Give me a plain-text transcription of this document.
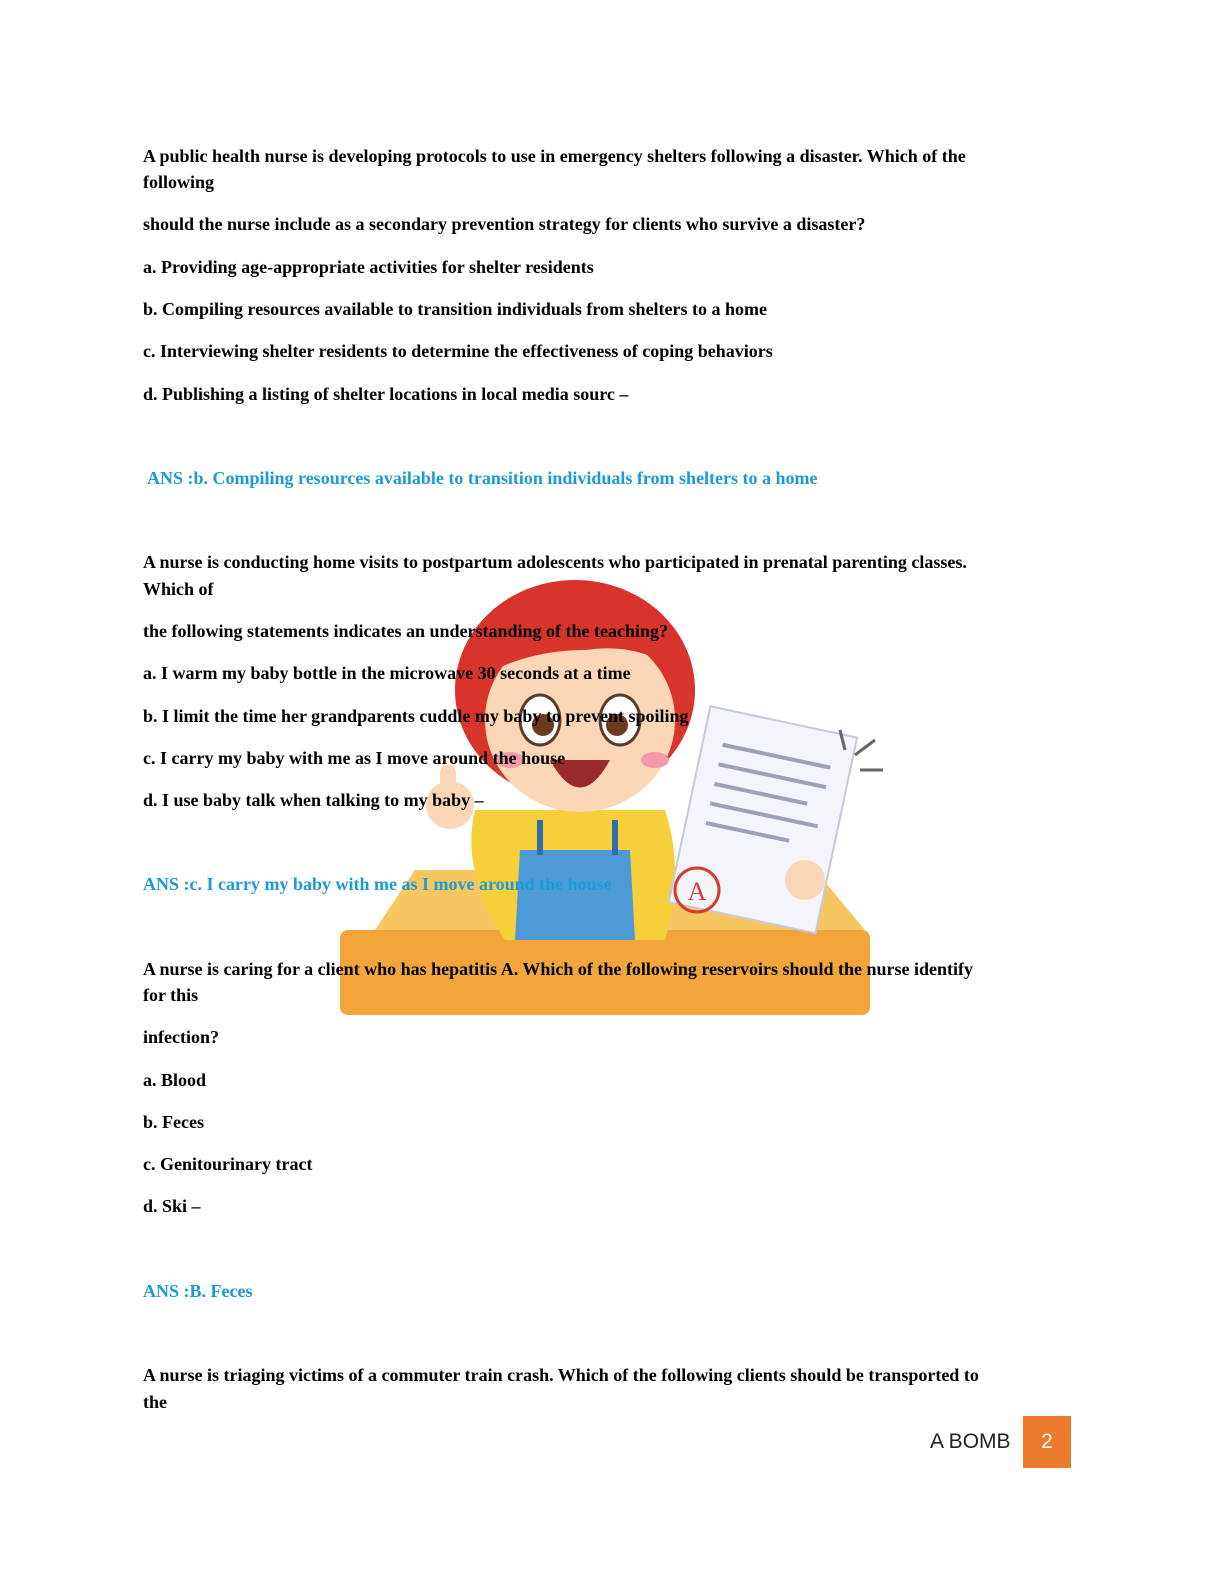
A
A public health nurse is developing protocols to use in emergency shelters following a disaster. Which of the
following
should the nurse include as a secondary prevention strategy for clients who survive a disaster?
a. Providing age-appropriate activities for shelter residents
b. Compiling resources available to transition individuals from shelters to a home
c. Interviewing shelter residents to determine the effectiveness of coping behaviors
d. Publishing a listing of shelter locations in local media sourc –
ANS :b. Compiling resources available to transition individuals from shelters to a home
A nurse is conducting home visits to postpartum adolescents who participated in prenatal parenting classes.
Which of
the following statements indicates an understanding of the teaching?
a. I warm my baby bottle in the microwave 30 seconds at a time
b. I limit the time her grandparents cuddle my baby to prevent spoiling
c. I carry my baby with me as I move around the house
d. I use baby talk when talking to my baby –
ANS :c. I carry my baby with me as I move around the house
A nurse is caring for a client who has hepatitis A. Which of the following reservoirs should the nurse identify
for this
infection?
a. Blood
b. Feces
c. Genitourinary tract
d. Ski –
ANS :B. Feces
A nurse is triaging victims of a commuter train crash. Which of the following clients should be transported to
the
A BOMB	2
